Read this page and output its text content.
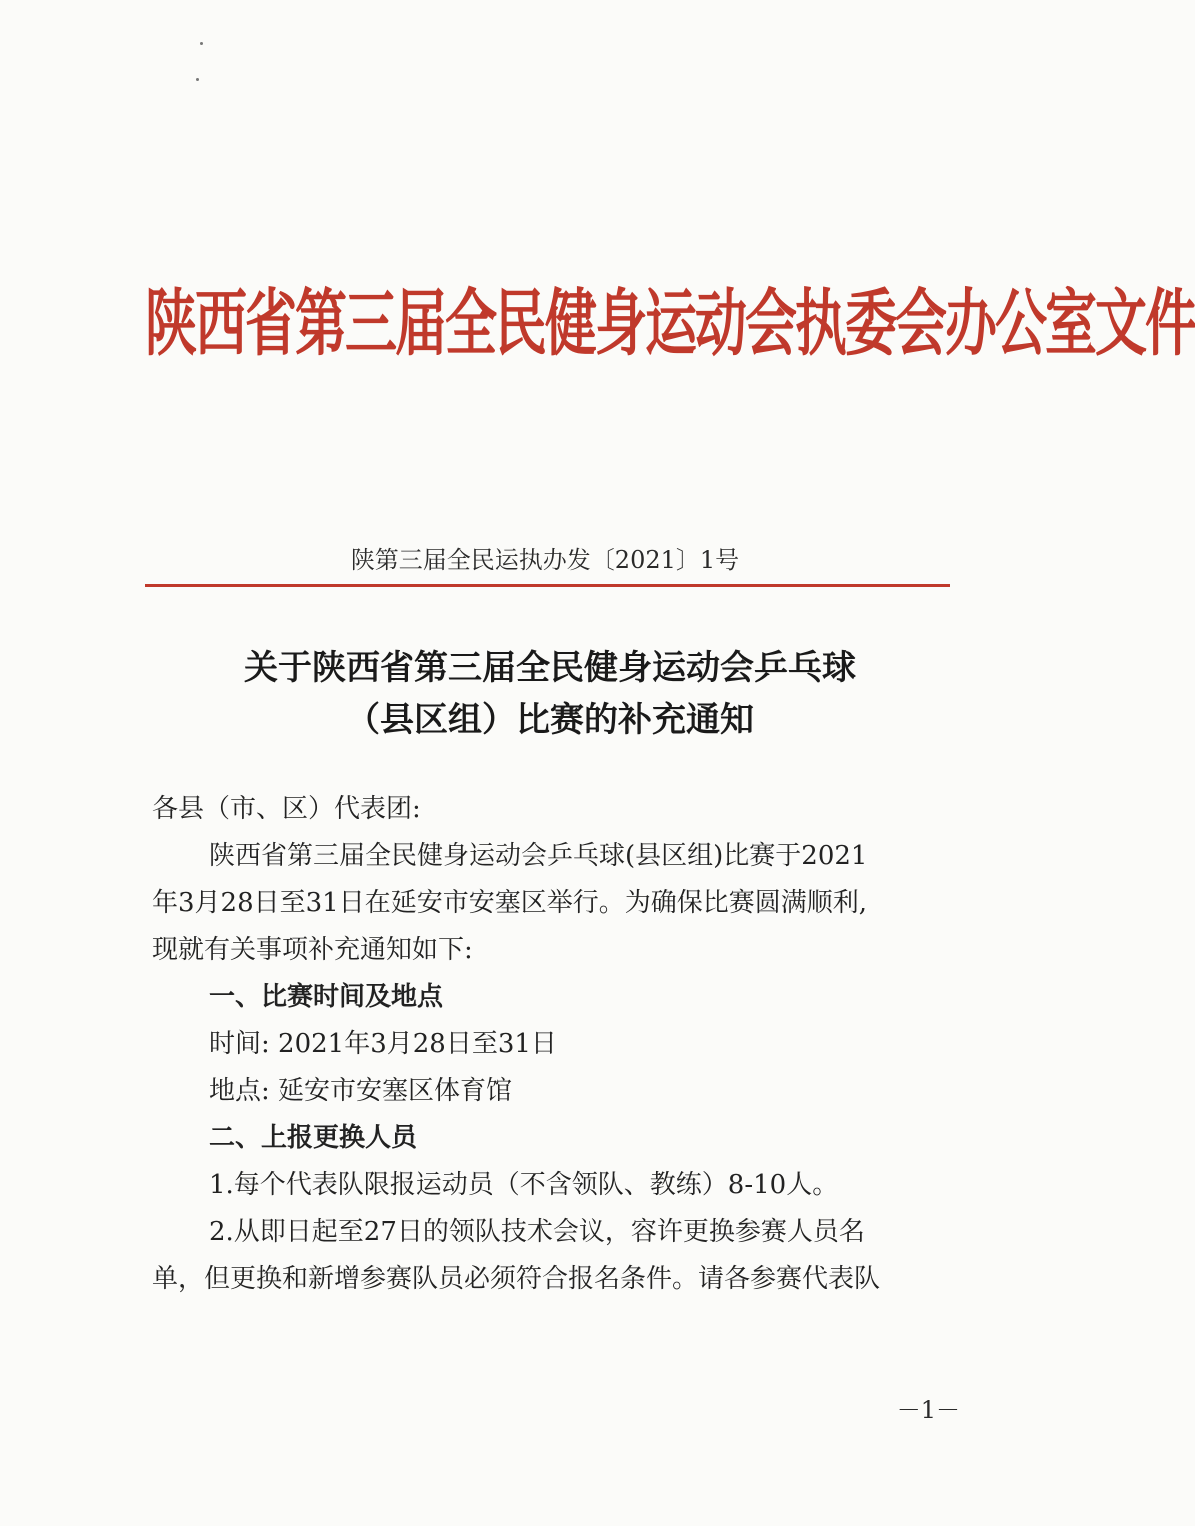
陕西省第三届全民健身运动会执委会办公室文件
陕第三届全民运执办发〔2021〕1号
关于陕西省第三届全民健身运动会乒乓球
（县区组）比赛的补充通知

各县（市、区）代表团:

陕西省第三届全民健身运动会乒乓球(县区组)比赛于2021

年3月28日至31日在延安市安塞区举行。为确保比赛圆满顺利,

现就有关事项补充通知如下:

一、比赛时间及地点

时间: 2021年3月28日至31日

地点: 延安市安塞区体育馆

二、上报更换人员

1.每个代表队限报运动员（不含领队、教练）8-10人。

2.从即日起至27日的领队技术会议，容许更换参赛人员名

单，但更换和新增参赛队员必须符合报名条件。请各参赛代表队

－1－
